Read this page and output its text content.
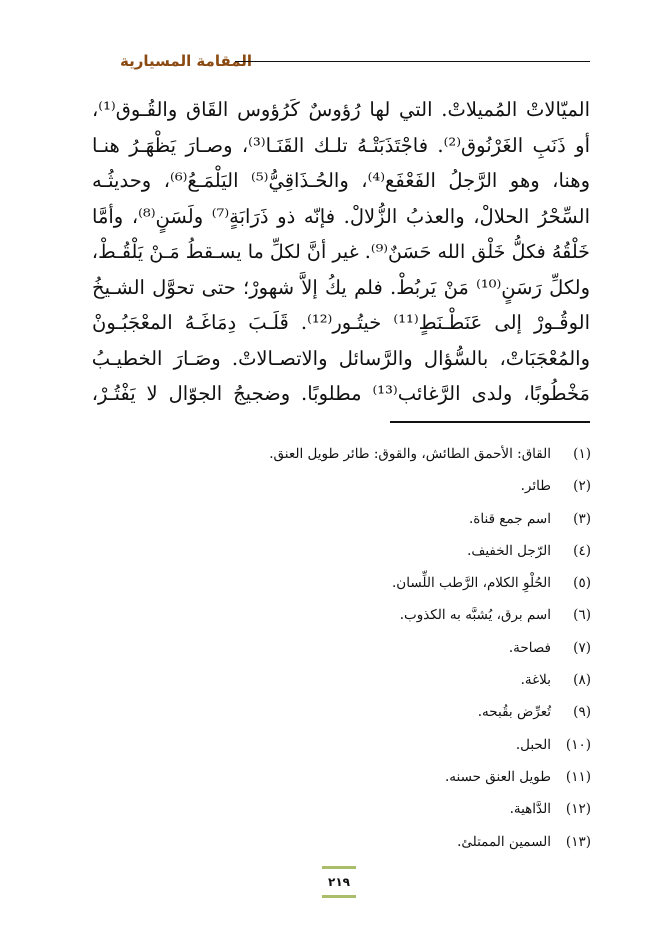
المقامة المسيارية
الميّالاتْ المُميلاتْ. التي لها رُؤوسٌ كَرُؤوس القَاق والقُـوق⁽¹⁾،
أو ذَنَبِ الغَرْنُوق⁽²⁾. فاجْتَذَبَتْـهُ تلـك القَنَـا⁽³⁾، وصـارَ يَظْهَـرُ هنـا
وهنا، وهو الرَّجلُ الفَعْفَع⁽⁴⁾، والحُـذَاقِيُّ⁽⁵⁾ اليَلْمَـعُ⁽⁶⁾، وحديثُـه
السِّحْرُ الحلالْ، والعذبُ الزُّلالْ. فإنّه ذو ذَرَابَةٍ⁽⁷⁾ ولَسَنٍ⁽⁸⁾، وأمَّا
خَلْقُهُ فكلُّ خَلْق الله حَسَنٌ⁽⁹⁾. غير أنَّ لكلِّ ما يسـقطُ مَـنْ يَلْقُـطْ،
ولكلِّ رَسَنٍ⁽¹⁰⁾ مَنْ يَربُطْ. فلم يكُ إلاَّ شهورْ؛ حتى تحوَّل الشـيخُ
الوقُـورْ إلى عَنَطْـنَطٍ⁽¹¹⁾ خيتُـور⁽¹²⁾. قَلَـبَ دِمَاغَـهُ المعْجَبُـونْ
والمُعْجَبَاتْ، بالسُّؤال والرَّسائل والاتصـالاتْ. وصَـارَ الخطيـبُ
مَخْطُوبًا، ولدى الرَّغائب⁽¹³⁾ مطلوبًا. وضجيجُ الجوّال لا يَفْتُـرْ،
(١)
القاق: الأحمق الطائش، والقوق: طائر طويل العنق.
(٢)
طائر.
(٣)
اسم جمع قناة.
(٤)
الرّجل الخفيف.
(٥)
الحُلْوِ الكلام، الرَّطب اللِّسان.
(٦)
اسم برق، يُشبَّه به الكذوب.
(٧)
فصاحة.
(٨)
بلاغة.
(٩)
تُعرِّض بقُبحه.
(١٠)
الحبل.
(١١)
طويل العنق حسنه.
(١٢)
الدَّاهية.
(١٣)
السمين الممتلئ.
٢١٩
